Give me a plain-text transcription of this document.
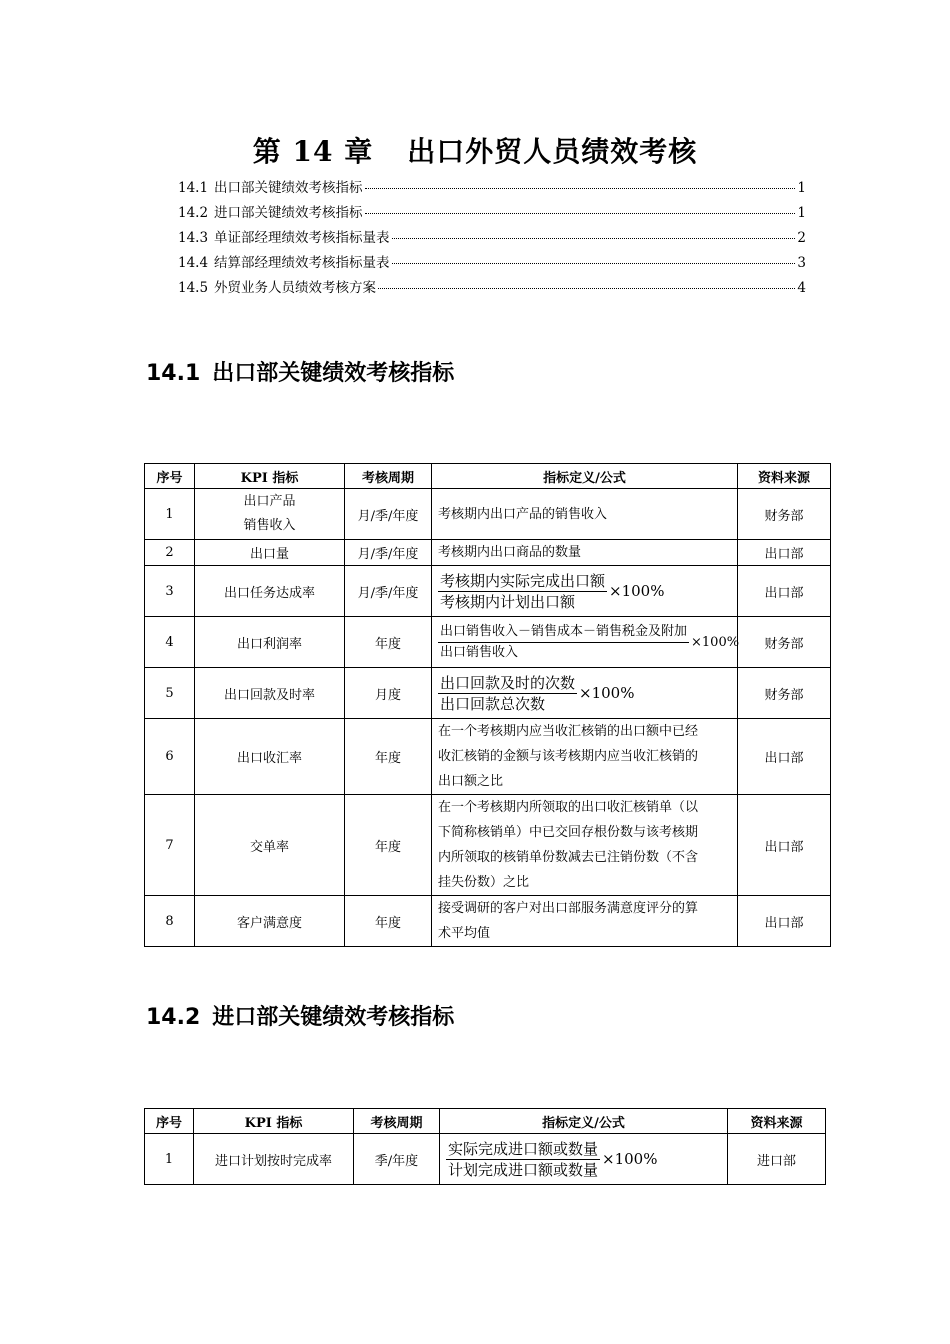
第 14 章 出口外贸人员绩效考核
14.1 出口部关键绩效考核指标	1
14.2 进口部关键绩效考核指标	1
14.3 单证部经理绩效考核指标量表	2
14.4 结算部经理绩效考核指标量表	3
14.5 外贸业务人员绩效考核方案	4
14.1 出口部关键绩效考核指标
序号	KPI 指标	考核周期	指标定义/公式	资料来源
1	出口产品
销售收入	月/季/年度	考核期内出口产品的销售收入	财务部
2	出口量	月/季/年度	考核期内出口商品的数量	出口部
3	出口任务达成率	月/季/年度	$\frac{\text{考核期内实际完成出口额}}{\text{考核期内计划出口额}} \times 100\%$	出口部
4	出口利润率	年度	$\frac{\text{出口销售收入－销售成本－销售税金及附加}}{\text{出口销售收入}} \times 100\%$	财务部
5	出口回款及时率	月度	$\frac{\text{出口回款及时的次数}}{\text{出口回款总次数}} \times 100\%$	财务部
6	出口收汇率	年度	在一个考核期内应当收汇核销的出口额中已经
收汇核销的金额与该考核期内应当收汇核销的
出口额之比	出口部
7	交单率	年度	在一个考核期内所领取的出口收汇核销单（以
下简称核销单）中已交回存根份数与该考核期
内所领取的核销单份数减去已注销份数（不含
挂失份数）之比	出口部
8	客户满意度	年度	接受调研的客户对出口部服务满意度评分的算
术平均值	出口部
14.2 进口部关键绩效考核指标
序号	KPI 指标	考核周期	指标定义/公式	资料来源
1	进口计划按时完成率	季/年度	$\frac{\text{实际完成进口额或数量}}{\text{计划完成进口额或数量}} \times 100\%$	进口部
